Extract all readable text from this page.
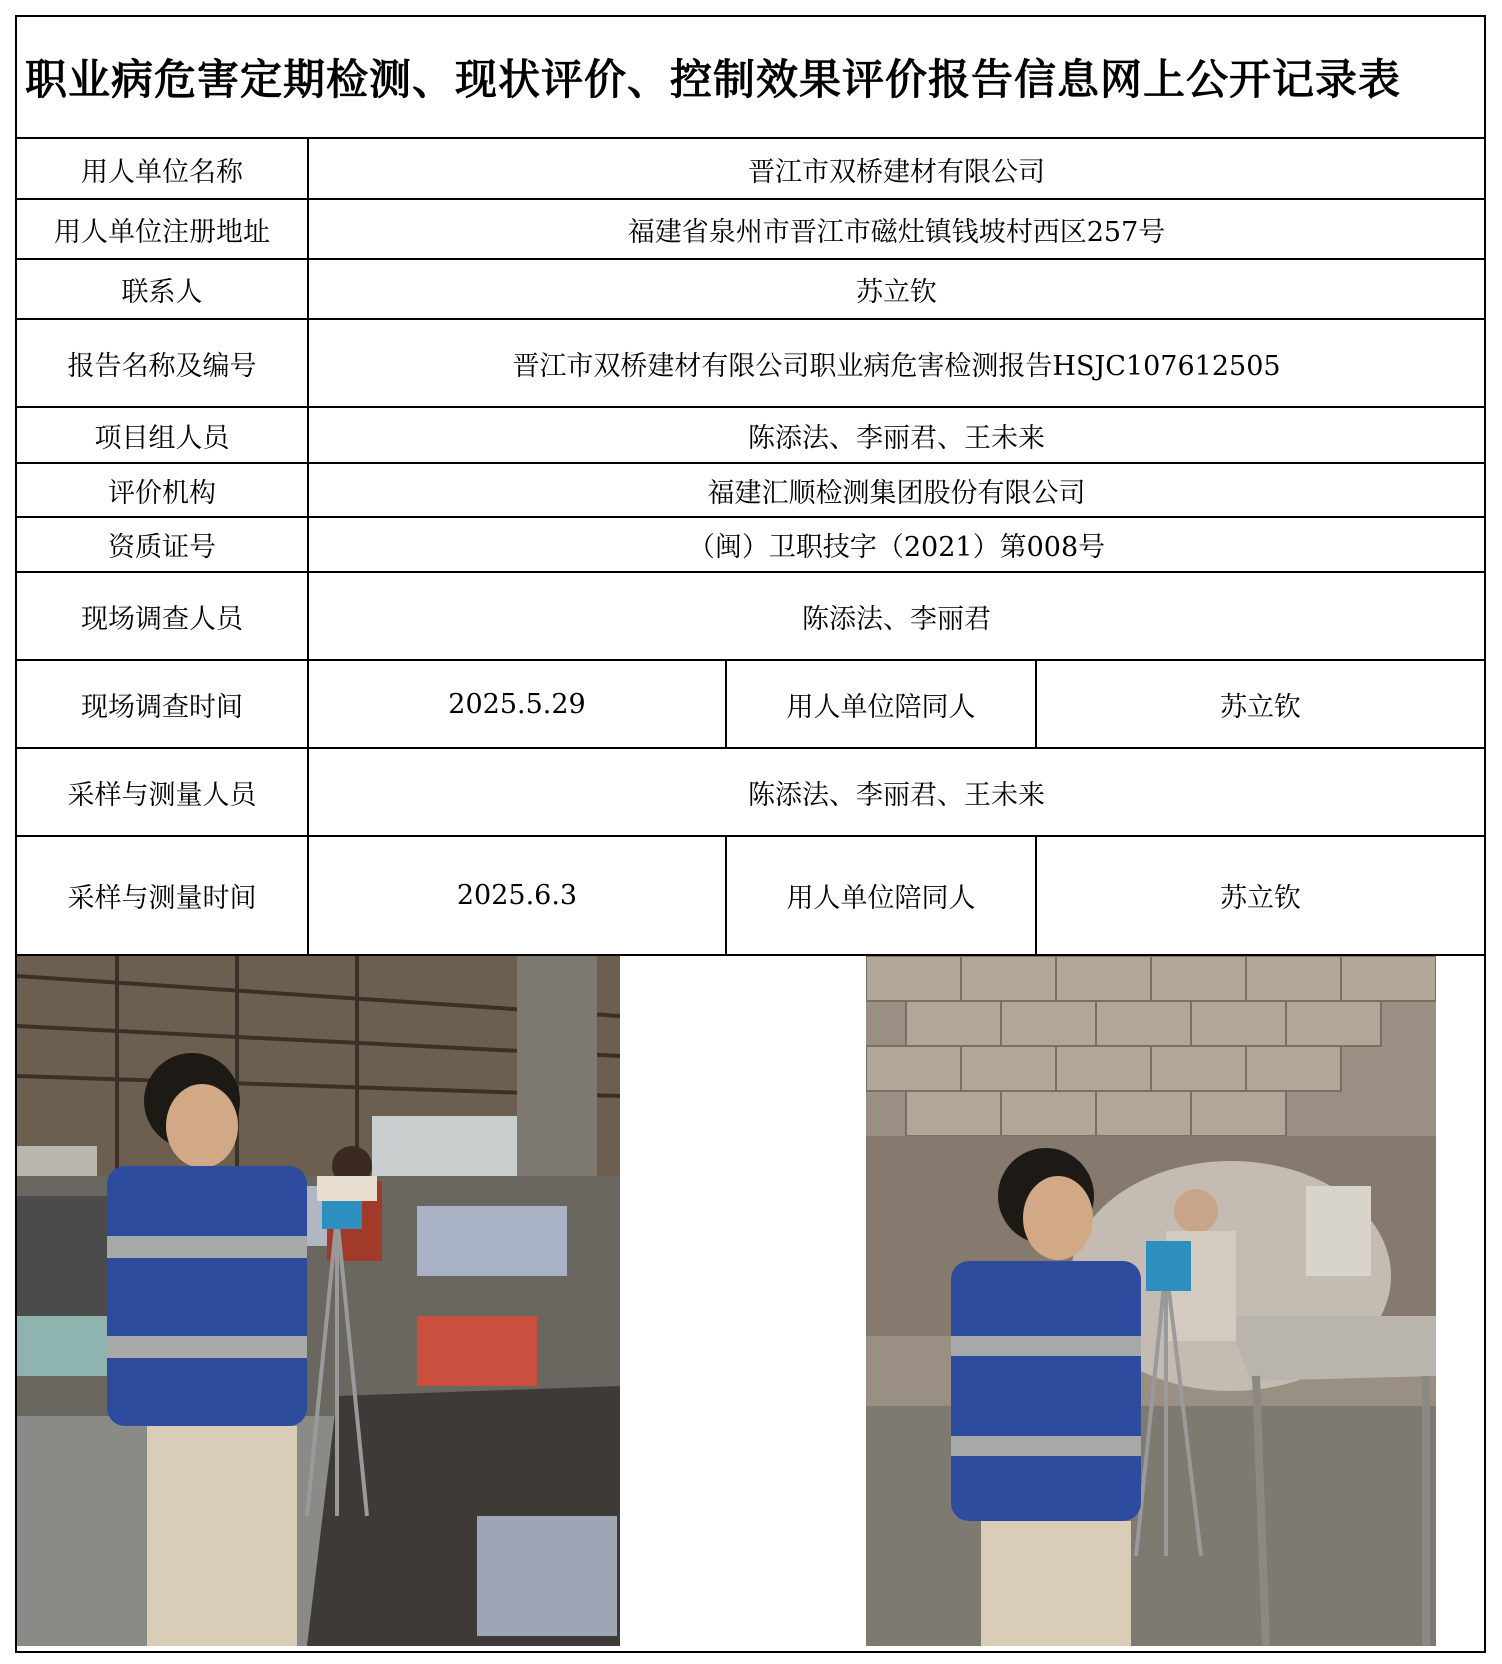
职业病危害定期检测、现状评价、控制效果评价报告信息网上公开记录表
用人单位名称	晋江市双桥建材有限公司
用人单位注册地址	福建省泉州市晋江市磁灶镇钱坡村西区257号
联系人	苏立钦
报告名称及编号	晋江市双桥建材有限公司职业病危害检测报告HSJC107612505
项目组人员	陈添法、李丽君、王未来
评价机构	福建汇顺检测集团股份有限公司
资质证号	（闽）卫职技字（2021）第008号
现场调查人员	陈添法、李丽君
现场调查时间	2025.5.29	用人单位陪同人	苏立钦
采样与测量人员	陈添法、李丽君、王未来
采样与测量时间	2025.6.3	用人单位陪同人	苏立钦
